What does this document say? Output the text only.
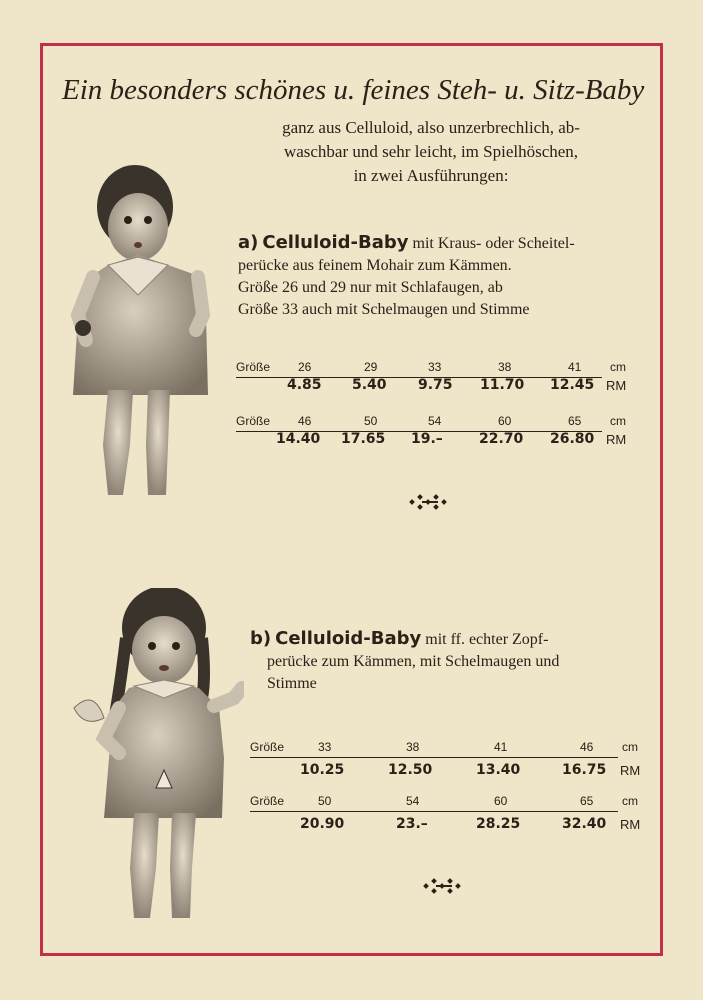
Ein besonders schönes u. feines Steh- u. Sitz-Baby
ganz aus Celluloid, also unzerbrechlich, ab-
waschbar und sehr leicht, im Spielhöschen,
in zwei Ausführungen:
a) Celluloid-Baby mit Kraus- oder Scheitel-
perücke aus feinem Mohair zum Kämmen.
Größe 26 und 29 nur mit Schlafaugen, ab
Größe 33 auch mit Schelmaugen und Stimme
Größe 26	29	33	38	41 cm
4.85 5.40 9.75 11.70 12.45 RM
Größe 46	50	54	60	65 cm
14.40 17.65 19.–	22.70 26.80 RM
b) Celluloid-Baby mit ff. echter Zopf-
perücke zum Kämmen, mit Schelmaugen und
Stimme
Größe	33	38	41	46 cm
10.25	12.50	13.40	16.75 RM
Größe	50	54	60	65 cm
20.90	23.–	28.25	32.40 RM
